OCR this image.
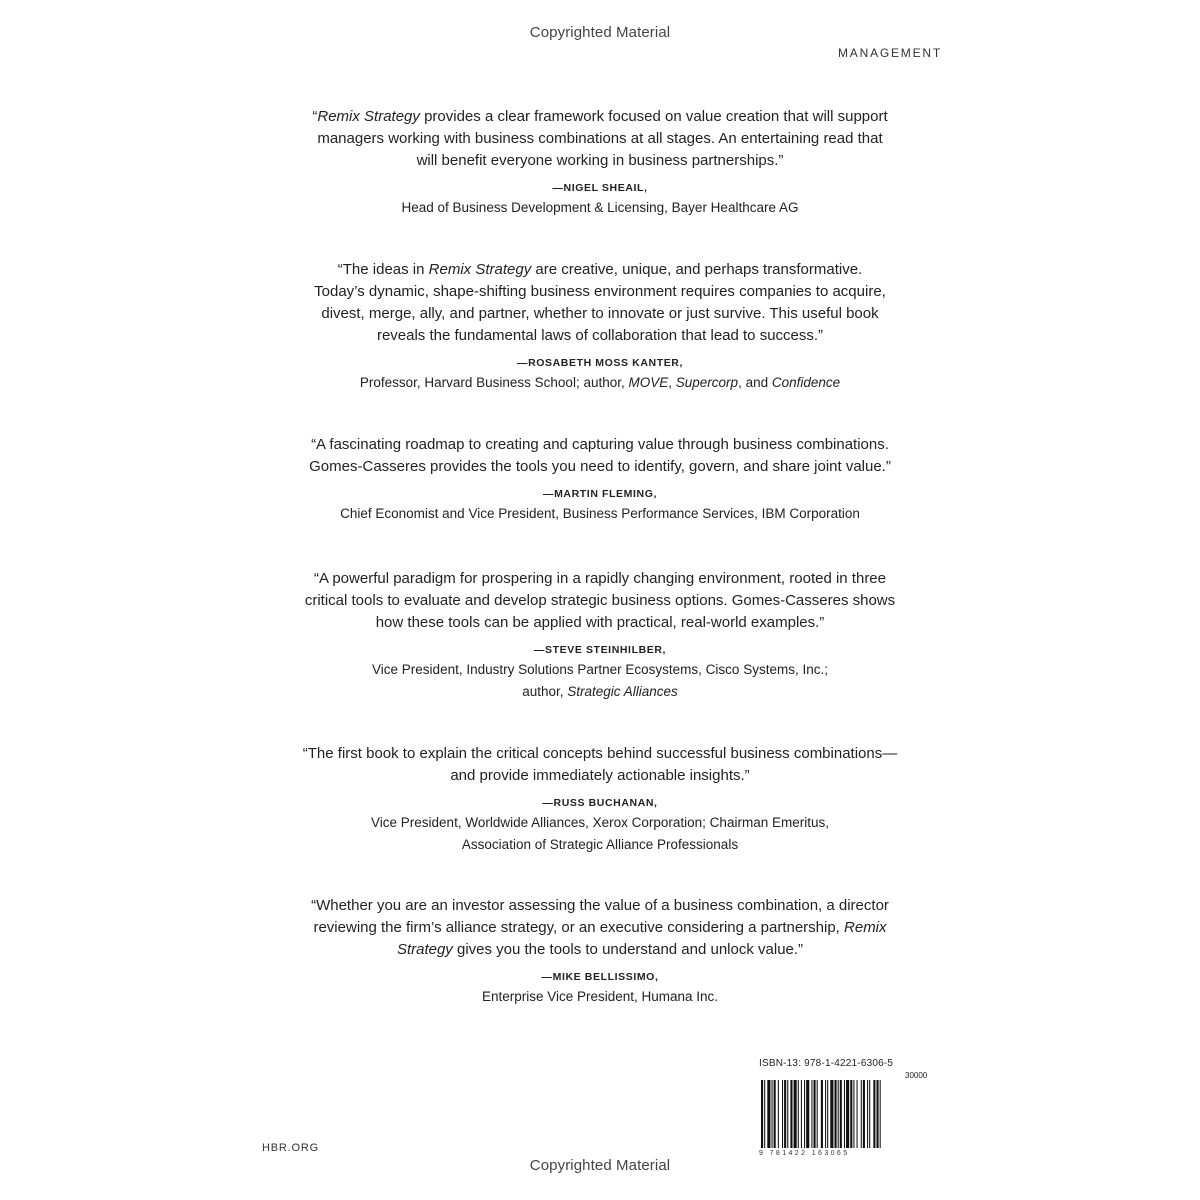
Copyrighted Material
MANAGEMENT

“Remix Strategy provides a clear framework focused on value creation that will support
managers working with business combinations at all stages. An entertaining read that
will benefit everyone working in business partnerships.”

—NIGEL SHEAIL,
Head of Business Development & Licensing, Bayer Healthcare AG

“The ideas in Remix Strategy are creative, unique, and perhaps transformative.
Today’s dynamic, shape-shifting business environment requires companies to acquire,
divest, merge, ally, and partner, whether to innovate or just survive. This useful book
reveals the fundamental laws of collaboration that lead to success.”

—ROSABETH MOSS KANTER,
Professor, Harvard Business School; author, MOVE, Supercorp, and Confidence

“A fascinating roadmap to creating and capturing value through business combinations.
Gomes-Casseres provides the tools you need to identify, govern, and share joint value.”

—MARTIN FLEMING,
Chief Economist and Vice President, Business Performance Services, IBM Corporation

“A powerful paradigm for prospering in a rapidly changing environment, rooted in three
critical tools to evaluate and develop strategic business options. Gomes-Casseres shows
how these tools can be applied with practical, real-world examples.”

—STEVE STEINHILBER,
Vice President, Industry Solutions Partner Ecosystems, Cisco Systems, Inc.;
author, Strategic Alliances

“The first book to explain the critical concepts behind successful business combinations—
and provide immediately actionable insights.”

—RUSS BUCHANAN,
Vice President, Worldwide Alliances, Xerox Corporation; Chairman Emeritus,
Association of Strategic Alliance Professionals

“Whether you are an investor assessing the value of a business combination, a director
reviewing the firm’s alliance strategy, or an executive considering a partnership, Remix
Strategy gives you the tools to understand and unlock value.”

—MIKE BELLISSIMO,
Enterprise Vice President, Humana Inc.
HBR.ORG
ISBN-13: 978-1-4221-6306-5
30000
9 781422 163065
Copyrighted Material
